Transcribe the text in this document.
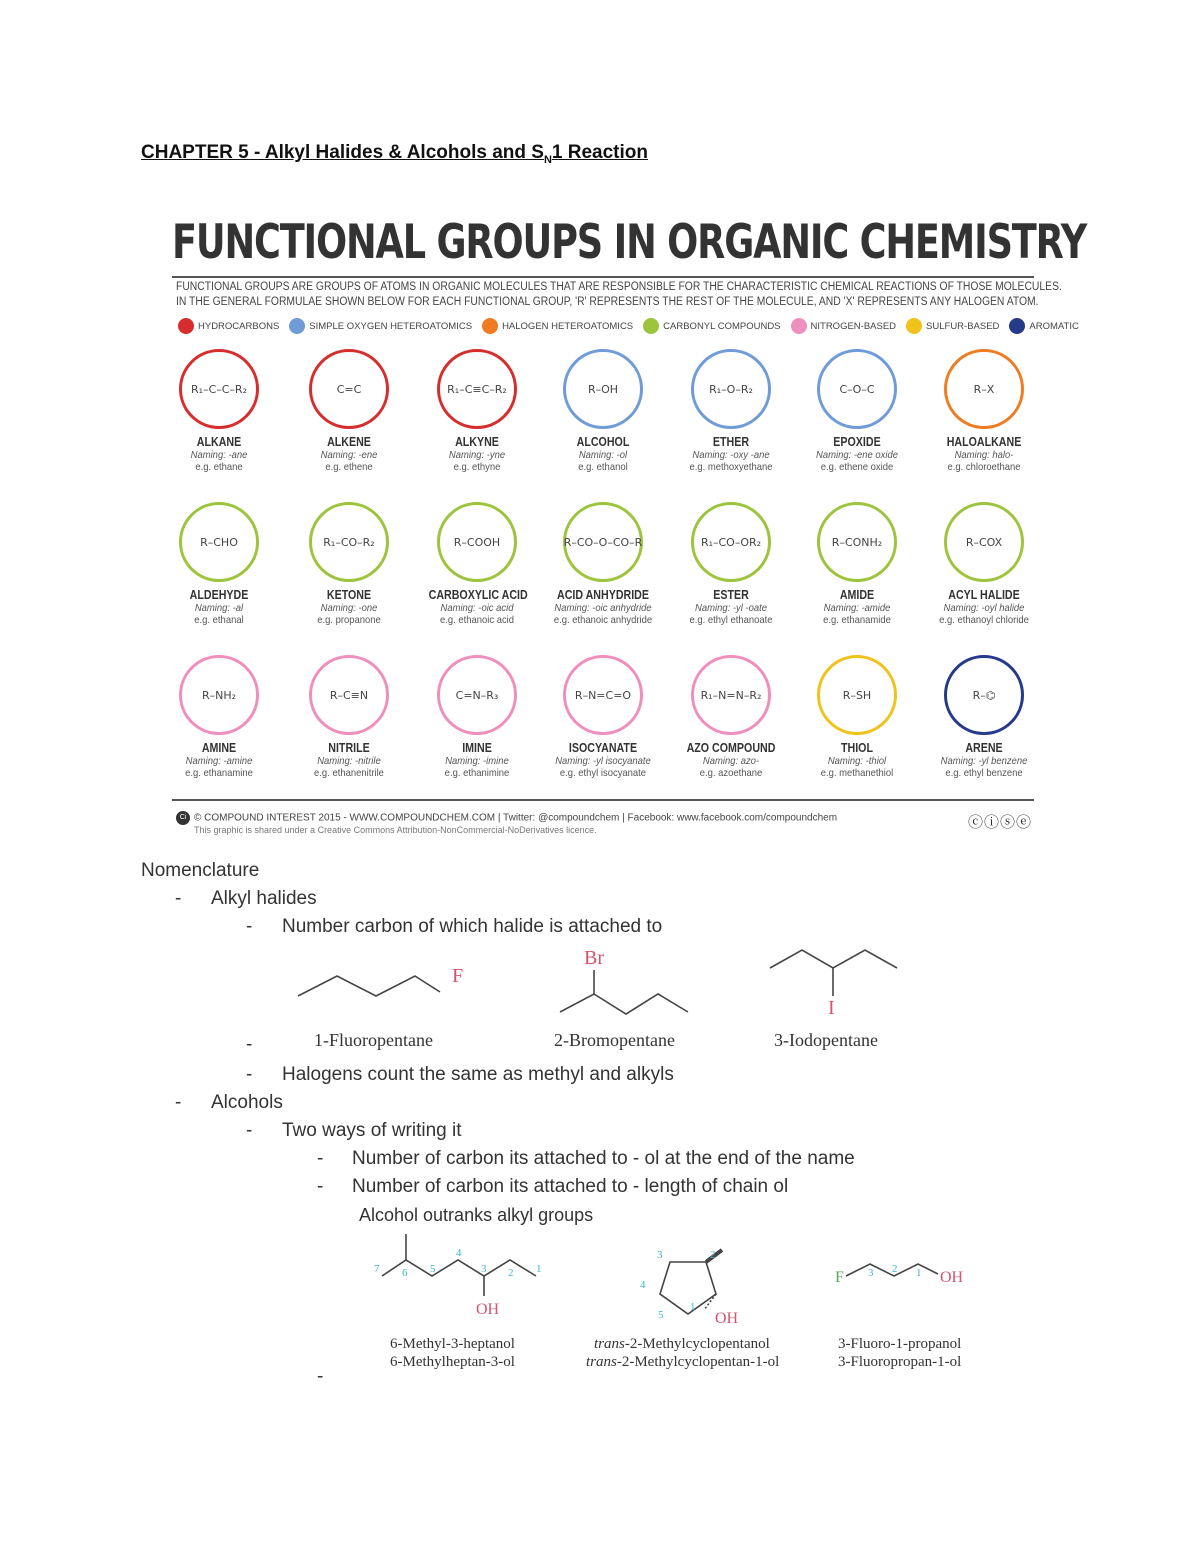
CHAPTER 5 - Alkyl Halides & Alcohols and $S_N1$ Reaction
FUNCTIONAL GROUPS IN ORGANIC CHEMISTRY
FUNCTIONAL GROUPS ARE GROUPS OF ATOMS IN ORGANIC MOLECULES THAT ARE RESPONSIBLE FOR THE CHARACTERISTIC CHEMICAL REACTIONS OF THOSE MOLECULES.
IN THE GENERAL FORMULAE SHOWN BELOW FOR EACH FUNCTIONAL GROUP, 'R' REPRESENTS THE REST OF THE MOLECULE, AND 'X' REPRESENTS ANY HALOGEN ATOM.
HYDROCARBONS	SIMPLE OXYGEN HETEROATOMICS	HALOGEN HETEROATOMICS	CARBONYL COMPOUNDS	NITROGEN-BASED	SULFUR-BASED	AROMATIC
R₁–C–C–R₂
ALKANE
Naming: -ane
e.g. ethane
C=C
ALKENE
Naming: -ene
e.g. ethene
R₁–C≡C–R₂
ALKYNE
Naming: -yne
e.g. ethyne
R–OH
ALCOHOL
Naming: -ol
e.g. ethanol
R₁–O–R₂
ETHER
Naming: -oxy -ane
e.g. methoxyethane
C–O–C
EPOXIDE
Naming: -ene oxide
e.g. ethene oxide
R–X
HALOALKANE
Naming: halo-
e.g. chloroethane
R–CHO
ALDEHYDE
Naming: -al
e.g. ethanal
R₁–CO–R₂
KETONE
Naming: -one
e.g. propanone
R–COOH
CARBOXYLIC ACID
Naming: -oic acid
e.g. ethanoic acid
R–CO–O–CO–R
ACID ANHYDRIDE
Naming: -oic anhydride
e.g. ethanoic anhydride
R₁–CO–OR₂
ESTER
Naming: -yl -oate
e.g. ethyl ethanoate
R–CONH₂
AMIDE
Naming: -amide
e.g. ethanamide
R–COX
ACYL HALIDE
Naming: -oyl halide
e.g. ethanoyl chloride
R–NH₂
AMINE
Naming: -amine
e.g. ethanamine
R–C≡N
NITRILE
Naming: -nitrile
e.g. ethanenitrile
C=N–R₃
IMINE
Naming: -imine
e.g. ethanimine
R–N=C=O
ISOCYANATE
Naming: -yl isocyanate
e.g. ethyl isocyanate
R₁–N=N–R₂
AZO COMPOUND
Naming: azo-
e.g. azoethane
R–SH
THIOL
Naming: -thiol
e.g. methanethiol
R–⌬
ARENE
Naming: -yl benzene
e.g. ethyl benzene
Ci © COMPOUND INTEREST 2015 - WWW.COMPOUNDCHEM.COM | Twitter: @compoundchem | Facebook: www.facebook.com/compoundchem
This graphic is shared under a Creative Commons Attribution-NonCommercial-NoDerivatives licence.	ⓒⓘⓢⓔ
Nomenclature
- Alkyl halides
- Number carbon of which halide is attached to
F
Br
I
-	1-Fluoropentane	2-Bromopentane	3-Iodopentane
- Halogens count the same as methyl and alkyls
- Alcohols
- Two ways of writing it
- Number of carbon its attached to - ol at the end of the name
- Number of carbon its attached to - length of chain ol
Alcohol outranks alkyl groups
7 6 5
4
3 2 1
3	2
1
5
4
3 2 1
OH
OH
F	OH
6-Methyl-3-heptanol
6-Methylheptan-3-ol
trans-2-Methylcyclopentanol
trans-2-Methylcyclopentan-1-ol
3-Fluoro-1-propanol
3-Fluoropropan-1-ol
-
